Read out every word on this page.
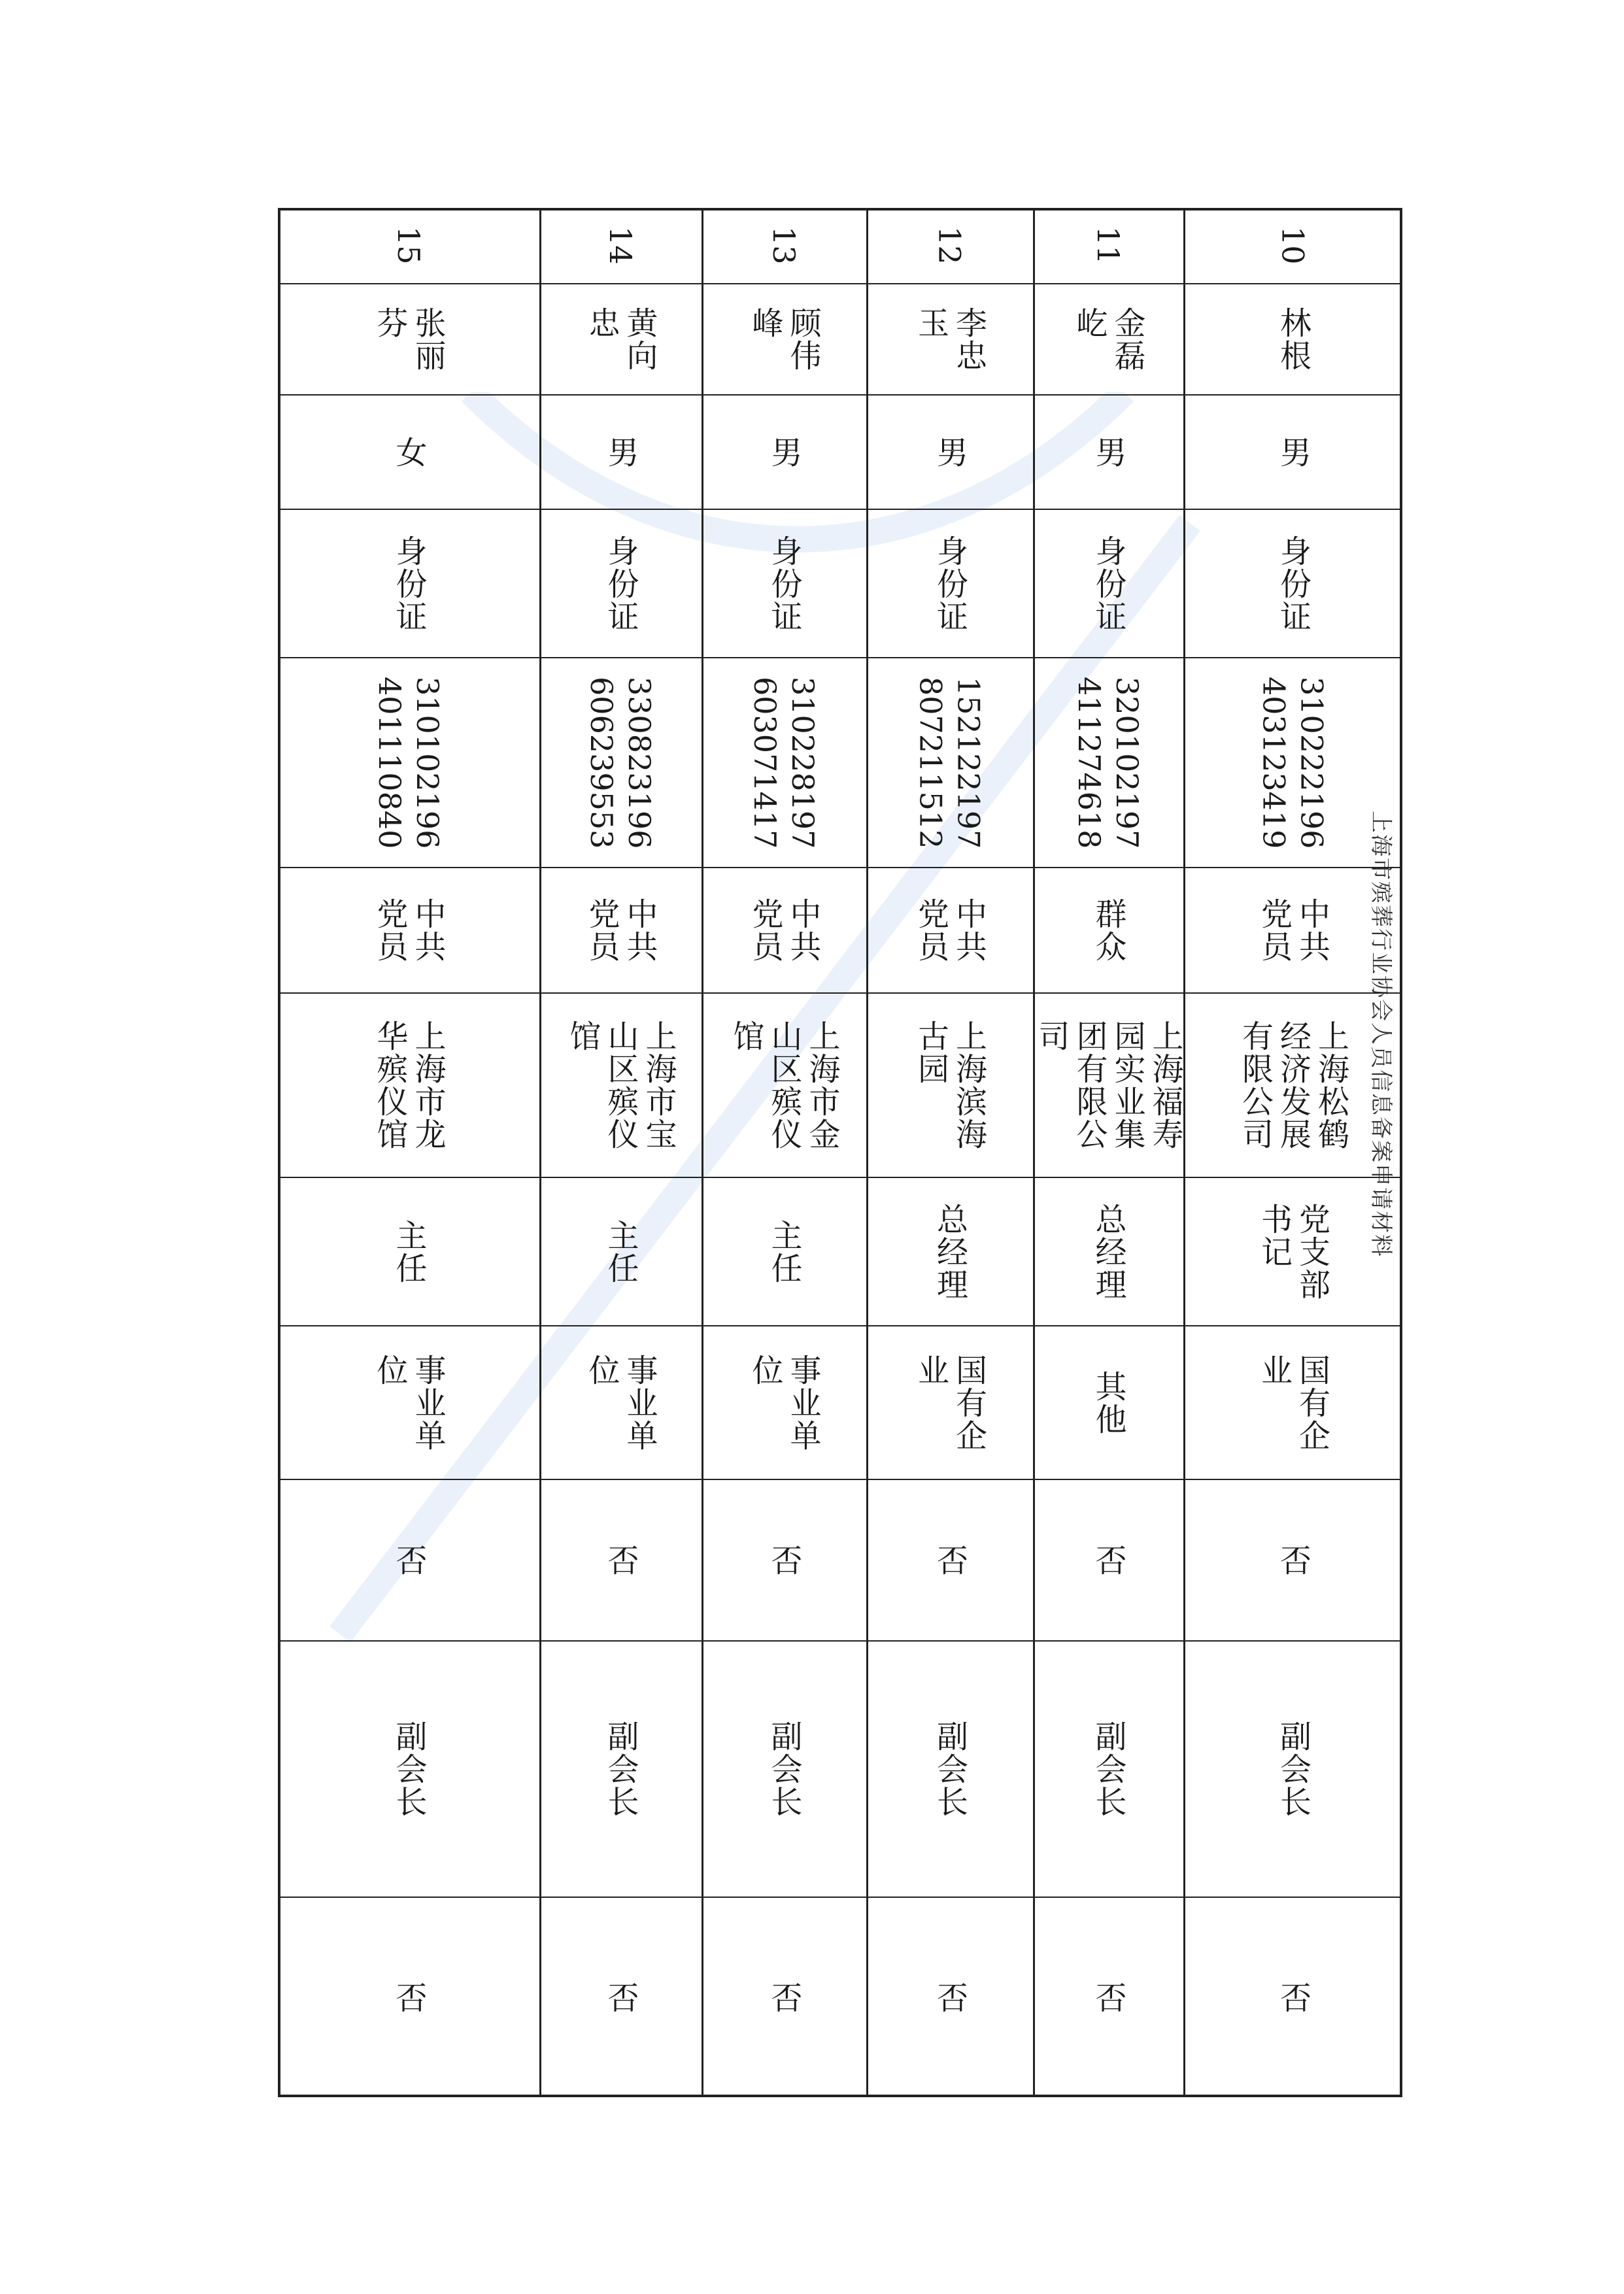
上海市殡葬行业协会人员信息备案申请材料
10
林根
男
身份证
310222196
403123419
中共
党员
上海松鹤
经济发展
有限公司
党支部
书记
国有企
业
否
副会长
否
11
金磊
屹
男
身份证
320102197
411274618
群众
上海福寿
园实业集
团有限公
司
总经理
其他
否
副会长
否
12
李忠
玉
男
身份证
152122197
807211512
中共
党员
上海滨海
古园
总经理
国有企
业
否
副会长
否
13
顾伟
峰
男
身份证
310228197
603071417
中共
党员
上海市金
山区殡仪
馆
主任
事业单
位
否
副会长
否
14
黄向
忠
男
身份证
330823196
606239553
中共
党员
上海市宝
山区殡仪
馆
主任
事业单
位
否
副会长
否
15
张丽
芬
女
身份证
310102196
401110840
中共
党员
上海市龙
华殡仪馆
主任
事业单
位
否
副会长
否
